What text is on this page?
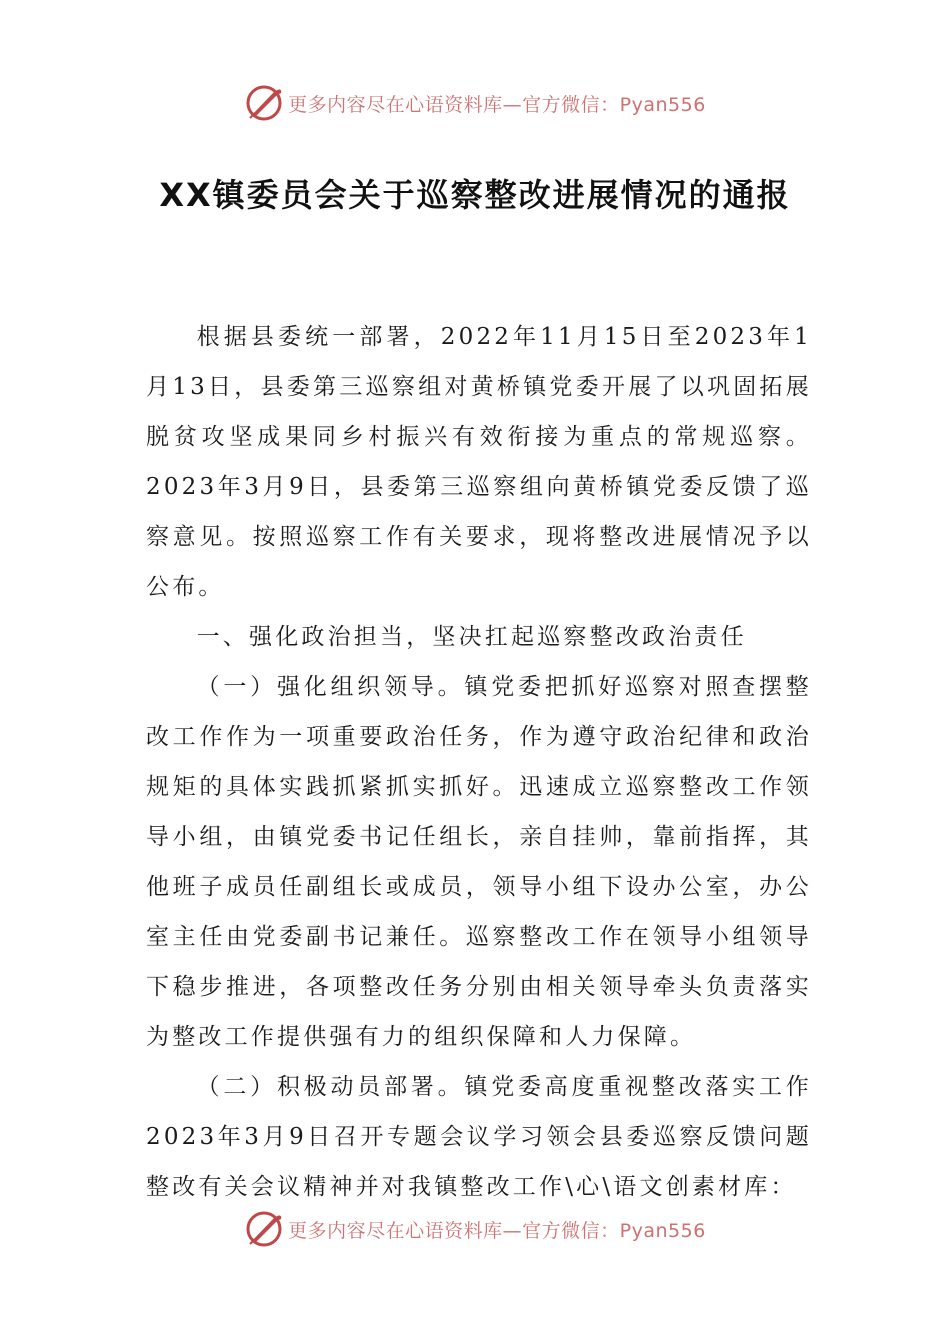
更多内容尽在心语资料库—官方微信：Pyan556
XX镇委员会关于巡察整改进展情况的通报

根据县委统一部署，2022年11月15日至2023年1月13日，县委第三巡察组对黄桥镇党委开展了以巩固拓展脱贫攻坚成果同乡村振兴有效衔接为重点的常规巡察。2023年3月9日，县委第三巡察组向黄桥镇党委反馈了巡察意见。按照巡察工作有关要求，现将整改进展情况予以公布。

一、强化政治担当，坚决扛起巡察整改政治责任

（一）强化组织领导。镇党委把抓好巡察对照查摆整改工作作为一项重要政治任务，作为遵守政治纪律和政治规矩的具体实践抓紧抓实抓好。迅速成立巡察整改工作领导小组，由镇党委书记任组长，亲自挂帅，靠前指挥，其他班子成员任副组长或成员，领导小组下设办公室，办公室主任由党委副书记兼任。巡察整改工作在领导小组领导下稳步推进，各项整改任务分别由相关领导牵头负责落实为整改工作提供强有力的组织保障和人力保障。

（二）积极动员部署。镇党委高度重视整改落实工作2023年3月9日召开专题会议学习领会县委巡察反馈问题整改有关会议精神并对我镇整改工作\心\语文创素材库：

更多内容尽在心语资料库—官方微信：Pyan556
